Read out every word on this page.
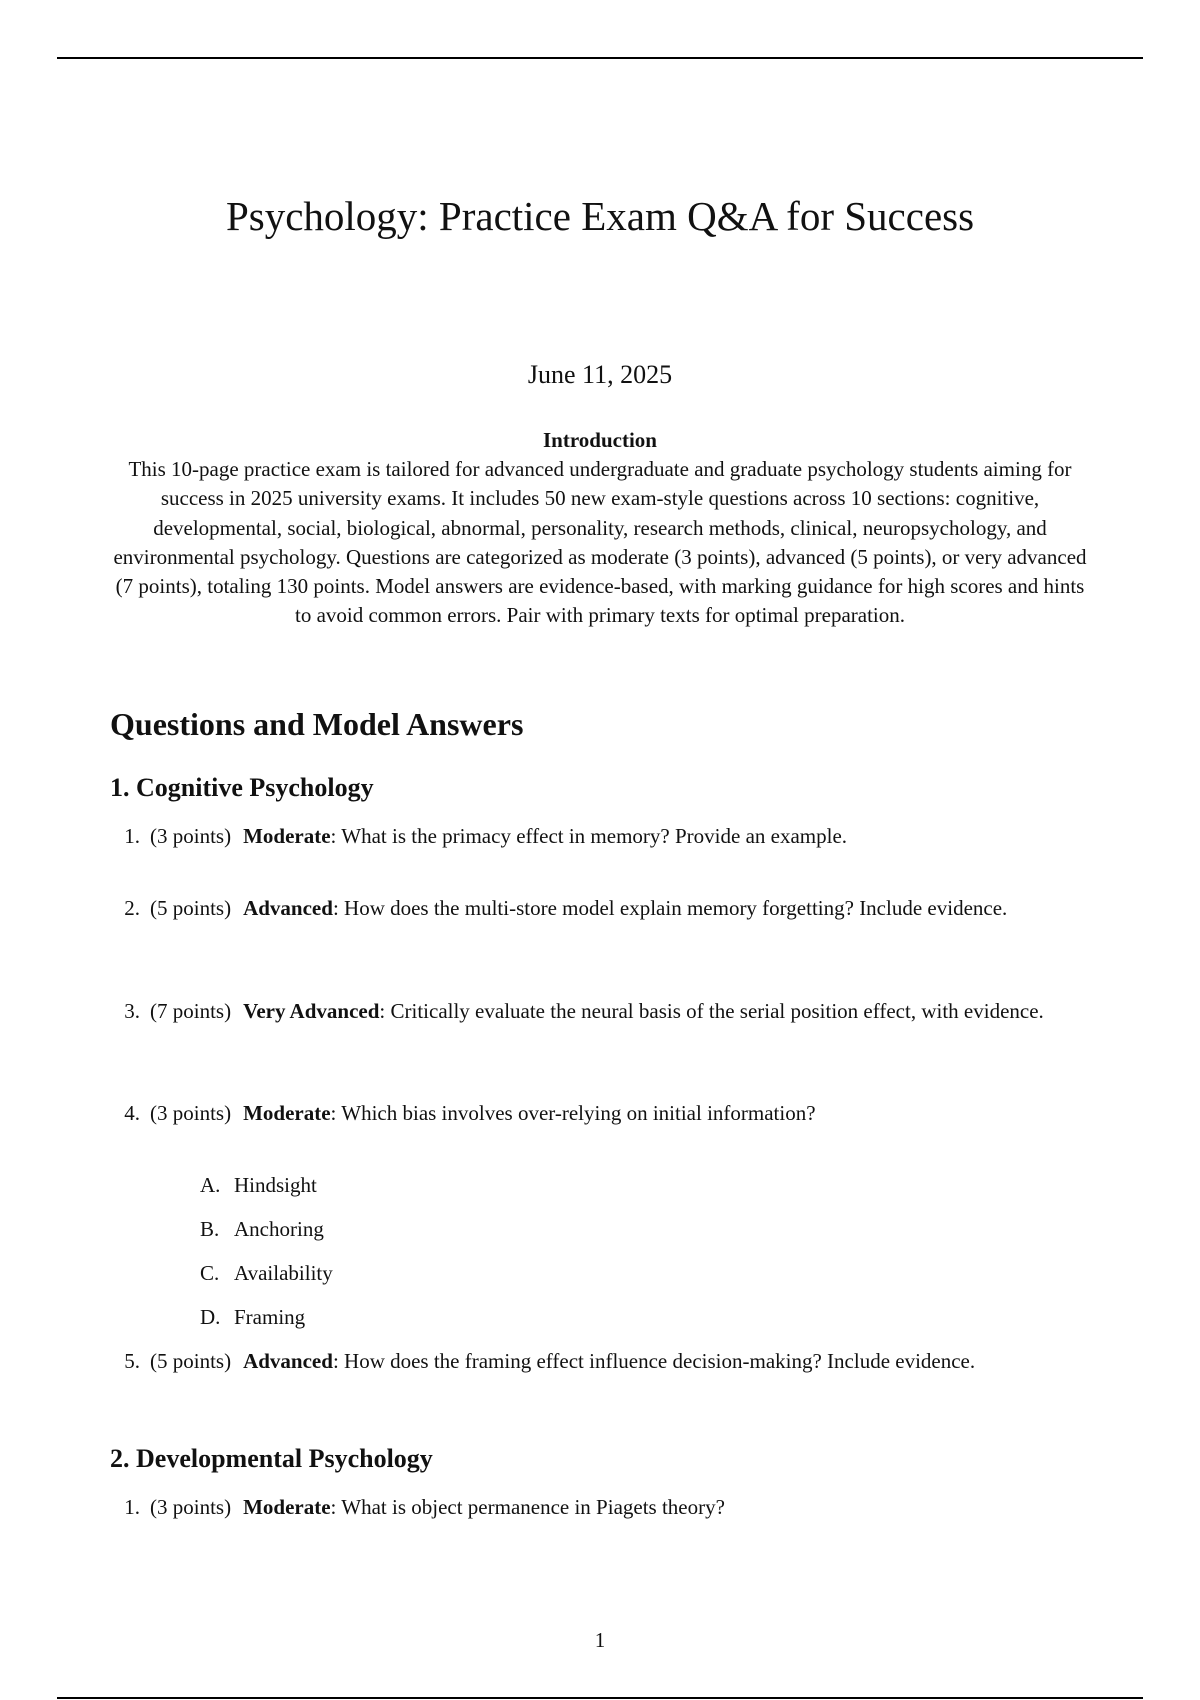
Psychology: Practice Exam Q&A for Success
June 11, 2025
Introduction

This 10-page practice exam is tailored for advanced undergraduate and graduate psychology students aiming for success in 2025 university exams. It includes 50 new exam-style questions across 10 sections: cognitive, developmental, social, biological, abnormal, personality, research methods, clinical, neuropsychology, and environmental psychology. Questions are categorized as moderate (3 points), advanced (5 points), or very advanced (7 points), totaling 130 points. Model answers are evidence-based, with marking guidance for high scores and hints to avoid common errors. Pair with primary texts for optimal preparation.

Questions and Model Answers
1. Cognitive Psychology
1. (3 points) Moderate: What is the primacy effect in memory? Provide an example.
2. (5 points) Advanced: How does the multi-store model explain memory forgetting? Include evidence.
3. (7 points) Very Advanced: Critically evaluate the neural basis of the serial position effect, with evidence.
4. (3 points) Moderate: Which bias involves over-relying on initial information?
A. Hindsight
B. Anchoring
C. Availability
D. Framing
5. (5 points) Advanced: How does the framing effect influence decision-making? Include evidence.
2. Developmental Psychology
1. (3 points) Moderate: What is object permanence in Piagets theory?
1
